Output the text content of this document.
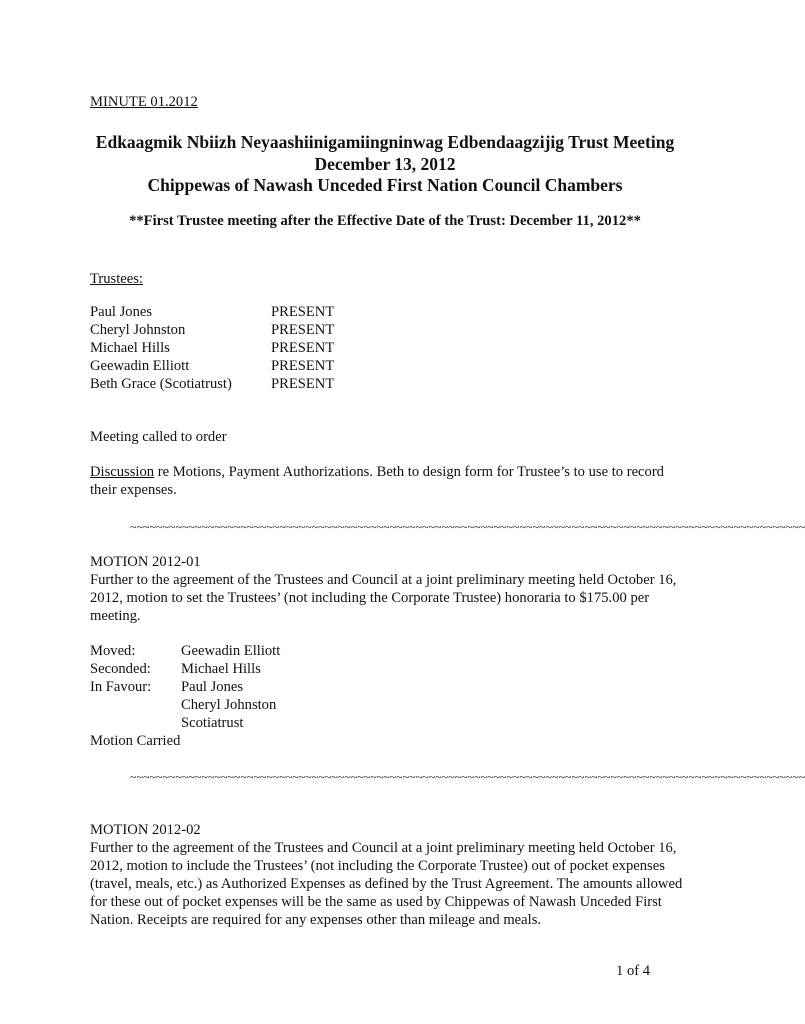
MINUTE 01.2012
Edkaagmik Nbiizh Neyaashiinigamiingninwag Edbendaagzijig Trust Meeting
December 13, 2012
Chippewas of Nawash Unceded First Nation Council Chambers
**First Trustee meeting after the Effective Date of the Trust: December 11, 2012**
Trustees:
Paul Jones	PRESENT
Cheryl Johnston	PRESENT
Michael Hills	PRESENT
Geewadin Elliott	PRESENT
Beth Grace (Scotiatrust)	PRESENT
Meeting called to order
Discussion re Motions, Payment Authorizations. Beth to design form for Trustee’s to use to record their expenses.
~~~~~~~~~~~~~~~~~~~~~~~~~~~~~~~~~~~~~~~~~~~~~~~~~~~~~~~~~~~~~~~~~~~~~~~~~~~~~~~~~~~~~~~~~~~~~~~~~~~~~~~~
MOTION 2012-01
Further to the agreement of the Trustees and Council at a joint preliminary meeting held October 16, 2012, motion to set the Trustees’ (not including the Corporate Trustee) honoraria to $175.00 per meeting.
Moved:	Geewadin Elliott
Seconded: Michael Hills
In Favour: Paul Jones
Cheryl Johnston
Scotiatrust
Motion Carried
~~~~~~~~~~~~~~~~~~~~~~~~~~~~~~~~~~~~~~~~~~~~~~~~~~~~~~~~~~~~~~~~~~~~~~~~~~~~~~~~~~~~~~~~~~~~~~~~~~~~~~~~
MOTION 2012-02
Further to the agreement of the Trustees and Council at a joint preliminary meeting held October 16, 2012, motion to include the Trustees’ (not including the Corporate Trustee) out of pocket expenses (travel, meals, etc.) as Authorized Expenses as defined by the Trust Agreement. The amounts allowed for these out of pocket expenses will be the same as used by Chippewas of Nawash Unceded First Nation. Receipts are required for any expenses other than mileage and meals.
1 of 4
